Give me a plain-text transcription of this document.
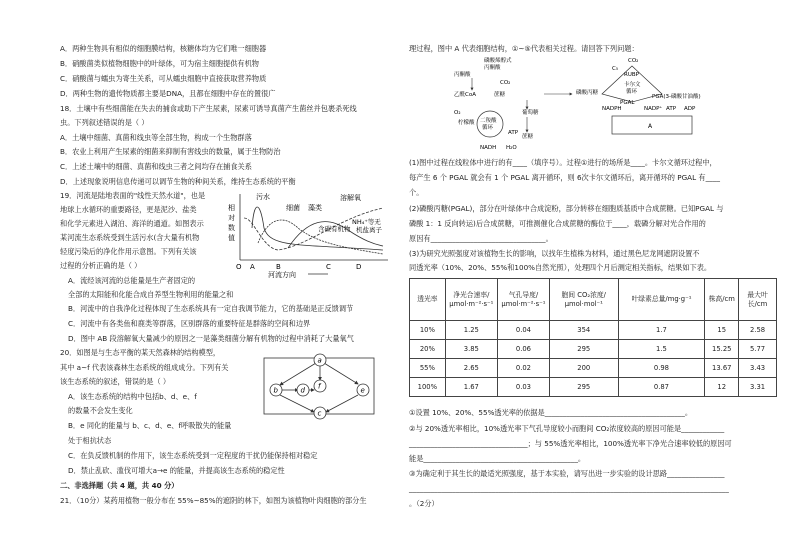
A．两种生物具有相似的细胞膜结构，核糖体均为它们唯一细胞器
B．硝酸菌类似植物细胞中的叶绿体，可为宿主细胞提供有机物
C．硝酸菌与蠕虫为寄生关系，可从蠕虫细胞中直接获取营养物质
D．两种生物的遗传物质都主要是DNA，且都在细胞中存在的置很广
18．土壤中有些细菌能在失去的捕食或助下产生尿素，尿素可诱导真菌产生菌丝并包裹杀死线
虫。下列叙述错误的是（ ）
A．土壤中细菌、真菌和线虫等全部生物，构成一个生物群落
B．农业上利用产生尿素的细菌来抑制有害线虫的数量，属于生物防治
C．上述土壤中的细菌、真菌和线虫三者之间均存在捕食关系
D．上述现象说明信息传递可以调节生物的种间关系，维持生态系统的平衡
19．河流是陆地表面的"线性天然水道"，也是
地球上水循环的重要路径，更是泥沙、盐类
和化学元素进入湖泊、海洋的通道。如图表示
某河流生态系统受到生活污水(含大量有机物
轻度污染后的净化作用示意图。下列有关该
过程的分析正确的是（ ）
相
对
数
值
污水
细菌 藻类
溶解氧
含碳有机物
NH₄⁺等无
机盐离子
O A	B	C	D
河流方向
A．流经该河流的总能量是生产者固定的
全部的太阳能和化能合成自养型生物利用的能量之和
B．河流中的自我净化过程体现了生态系统具有一定自我调节能力，它的基础是正反馈调节
C．河流中有各类鱼和鹿类等群落，区别群落的重要特征是群落的空间和边界
D．图中 AB 段溶解氧大量减少的原因之一是藻类细菌分解有机物的过程中消耗了大量氧气
20．如图是与生态平衡的某天然森林的结构模型，
其中 a~f 代表该森林生态系统的组成成分。下列有关
该生态系统的叙述，错误的是（ ）
a
b
c
d	e
f
A．该生态系统的结构中包括b、d、e、f
的数量不会发生变化
B．e 同化的能量与 b、c、d、e、f呼吸散失的能量
处于相抗状态
C．在负反馈机制的作用下，该生态系统受到一定程度的干扰仍能保持相对稳定
D．禁止乱砍、滥伐可增大a→e 的能量，并提高该生态系统的稳定性
二、非选择题（共 4 题，共 40 分）
21．（10分）某药用植物一般分布在 55%~85%的遮阴的林下，如图为该植物叶肉细胞的部分生
理过程，图中 A 代表细胞结构，①~⑤代表相关过程。请回答下列问题：
磷酸烯醇式
丙酮酸
丙酮酸
乙酰CoA	蔗糖
柠檬酸
葡萄糖
蔗糖
二羧酸
循环
CO₂
ATP
NADH
O₂
H₂O
CO₂
C₅
RUBP
磷酸丙糖
PGA(3-磷酸甘油酸)
NADP⁺ ATP ADP
NADPH
PGAL
卡尔文
循环
A
(1)图中过程在线粒体中进行的有____（填序号）。过程①进行的场所是____。卡尔文循环过程中，
每产生 6 个 PGAL 就会有 1 个 PGAL 离开循环，则 6次卡尔文循环后，离开循环的 PGAL 有____
个。
(2)磷酸丙糖(PGAL)，部分在叶绿体中合成淀粉，部分转移在细胞质基质中合成蔗糖。已知PGAL 与
磷酸 1：1 反向转运)后合成蔗糖，可推测催化合成蔗糖的酶位于____，载磷分解对光合作用的
原因有________________________________。
(3)为研究光照强度对该植物生长的影响，以找年生植株为材料，通过黑色尼龙网遮阴设置不
同透光率（10%、20%、55%和100%自然光照），处理四个月后测定相关指标，结果如下表。
透光率	净光合速率/μmol·m⁻²·s⁻¹	气孔导度/μmol·m⁻²·s⁻¹	胞间 CO₂浓度/μmol·mol⁻¹	叶绿素总量/mg·g⁻¹	株高/cm	最大叶长/cm
10%	1.25	0.04	354	1.7	15	2.58
20%	3.85	0.06	295	1.5	15.25	5.77
55%	2.65	0.02	200	0.98	13.67	3.43
100%	1.67	0.03	295	0.87	12	3.31
①设置 10%、20%、55%透光率的依据是_______________________________________。
②与 20%透光率相比，10%透光率下气孔导度较小而胞间 CO₂浓度较高的原因可能是____________
_________________________________；与 55%透光率相比，100%透光率下净光合速率较低的原因可
能是___________________________________________。
③为确定利于其生长的最适光照强度，基于本实验，请写出进一步实验的设计思路________________
_________________________________________________________________________________________
。（2分）
